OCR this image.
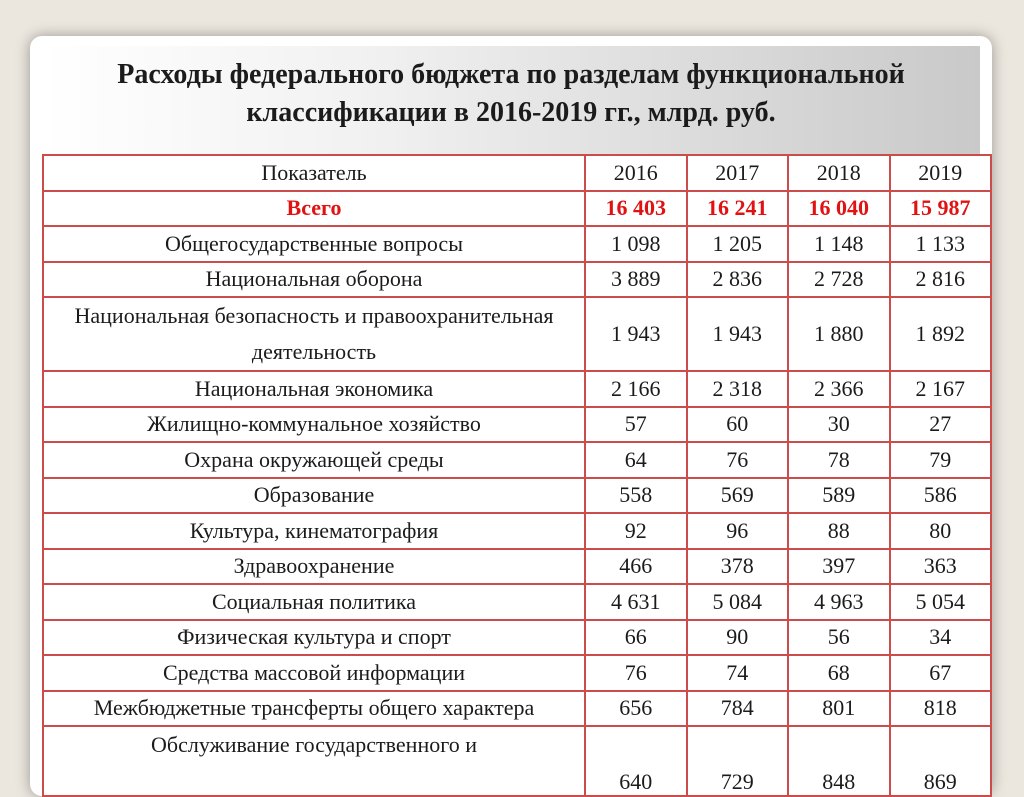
Расходы федерального бюджета по разделам функциональной классификации в 2016-2019 гг., млрд. руб.
Показатель	2016	2017	2018	2019
Всего	16 403	16 241	16 040	15 987
Общегосударственные вопросы	1 098	1 205	1 148	1 133
Национальная оборона	3 889	2 836	2 728	2 816
Национальная безопасность и правоохранительная деятельность	1 943	1 943	1 880	1 892
Национальная экономика	2 166	2 318	2 366	2 167
Жилищно-коммунальное хозяйство	57	60	30	27
Охрана окружающей среды	64	76	78	79
Образование	558	569	589	586
Культура, кинематография	92	96	88	80
Здравоохранение	466	378	397	363
Социальная политика	4 631	5 084	4 963	5 054
Физическая культура и спорт	66	90	56	34
Средства массовой информации	76	74	68	67
Межбюджетные трансферты общего характера	656	784	801	818
Обслуживание государственного и	640	729	848	869
